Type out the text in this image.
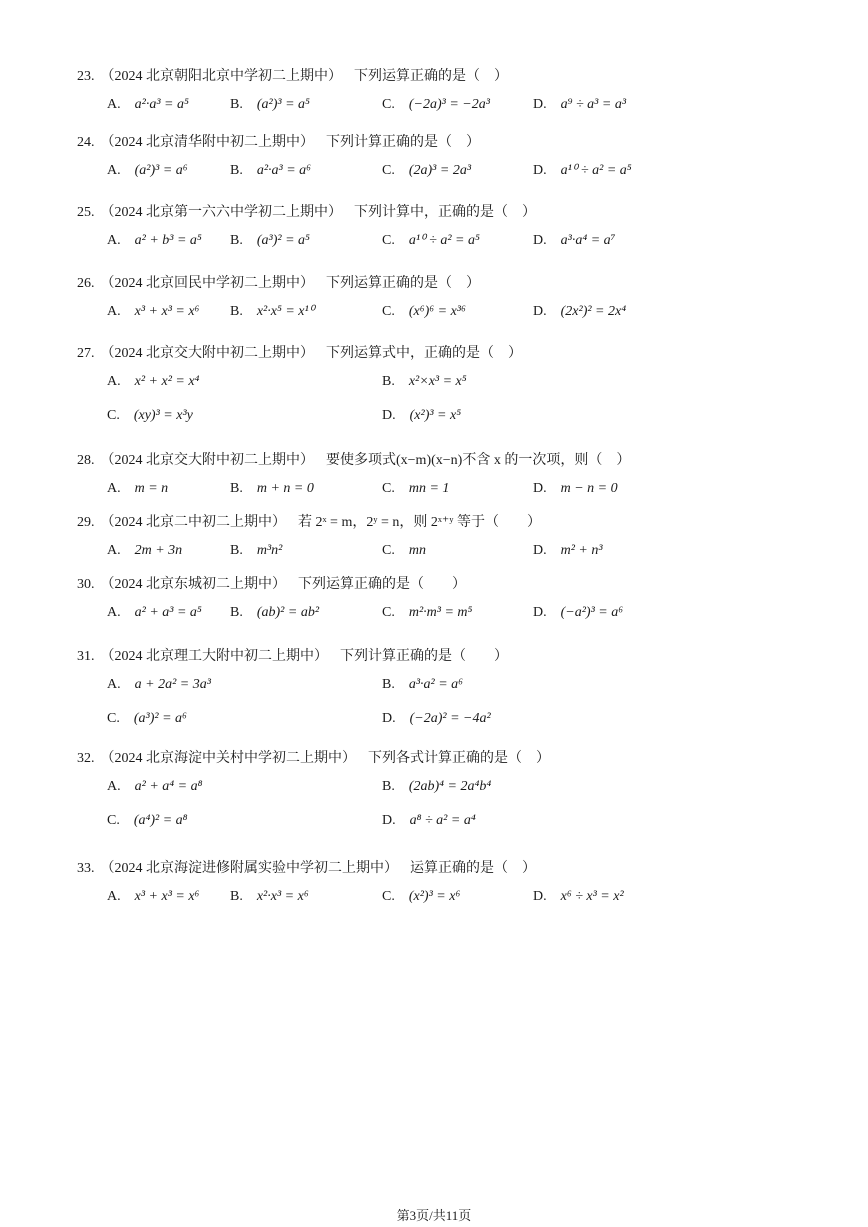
23. （2024 北京朝阳北京中学初二上期中） 下列运算正确的是（　）
A. a²·a³ = a⁵	B. (a²)³ = a⁵	C. (−2a)³ = −2a³	D. a⁹ ÷ a³ = a³
24. （2024 北京清华附中初二上期中） 下列计算正确的是（　）
A. (a²)³ = a⁶	B. a²·a³ = a⁶	C. (2a)³ = 2a³	D. a¹⁰ ÷ a² = a⁵
25. （2024 北京第一六六中学初二上期中） 下列计算中，正确的是（　）
A. a² + b³ = a⁵ B. (a³)² = a⁵	C. a¹⁰ ÷ a² = a⁵	D. a³·a⁴ = a⁷
26. （2024 北京回民中学初二上期中） 下列运算正确的是（　）
A. x³ + x³ = x⁶ B. x²·x⁵ = x¹⁰	C. (x⁶)⁶ = x³⁶	D. (2x²)² = 2x⁴
27. （2024 北京交大附中初二上期中） 下列运算式中，正确的是（　）
A. x² + x² = x⁴	B. x²×x³ = x⁵
C. (xy)³ = x³y	D. (x²)³ = x⁵
28. （2024 北京交大附中初二上期中） 要使多项式(x−m)(x−n)不含 x 的一次项，则（　）
A. m = n	B. m + n = 0	C. mn = 1	D. m − n = 0
29. （2024 北京二中初二上期中） 若 2ˣ = m，2ʸ = n，则 2ˣ⁺ʸ 等于（　　）
A. 2m + 3n	B. m³n²	C. mn	D. m² + n³
30. （2024 北京东城初二上期中） 下列运算正确的是（　　）
A. a² + a³ = a⁵ B. (ab)² = ab²	C. m²·m³ = m⁵	D. (−a²)³ = a⁶
31. （2024 北京理工大附中初二上期中） 下列计算正确的是（　　）
A. a + 2a² = 3a³	B. a³·a² = a⁶
C. (a³)² = a⁶	D. (−2a)² = −4a²
32. （2024 北京海淀中关村中学初二上期中） 下列各式计算正确的是（　）
A. a² + a⁴ = a⁸	B. (2ab)⁴ = 2a⁴b⁴
C. (a⁴)² = a⁸	D. a⁸ ÷ a² = a⁴
33. （2024 北京海淀进修附属实验中学初二上期中） 运算正确的是（　）
A. x³ + x³ = x⁶ B. x²·x³ = x⁶	C. (x²)³ = x⁶	D. x⁶ ÷ x³ = x²
第3页/共11页
